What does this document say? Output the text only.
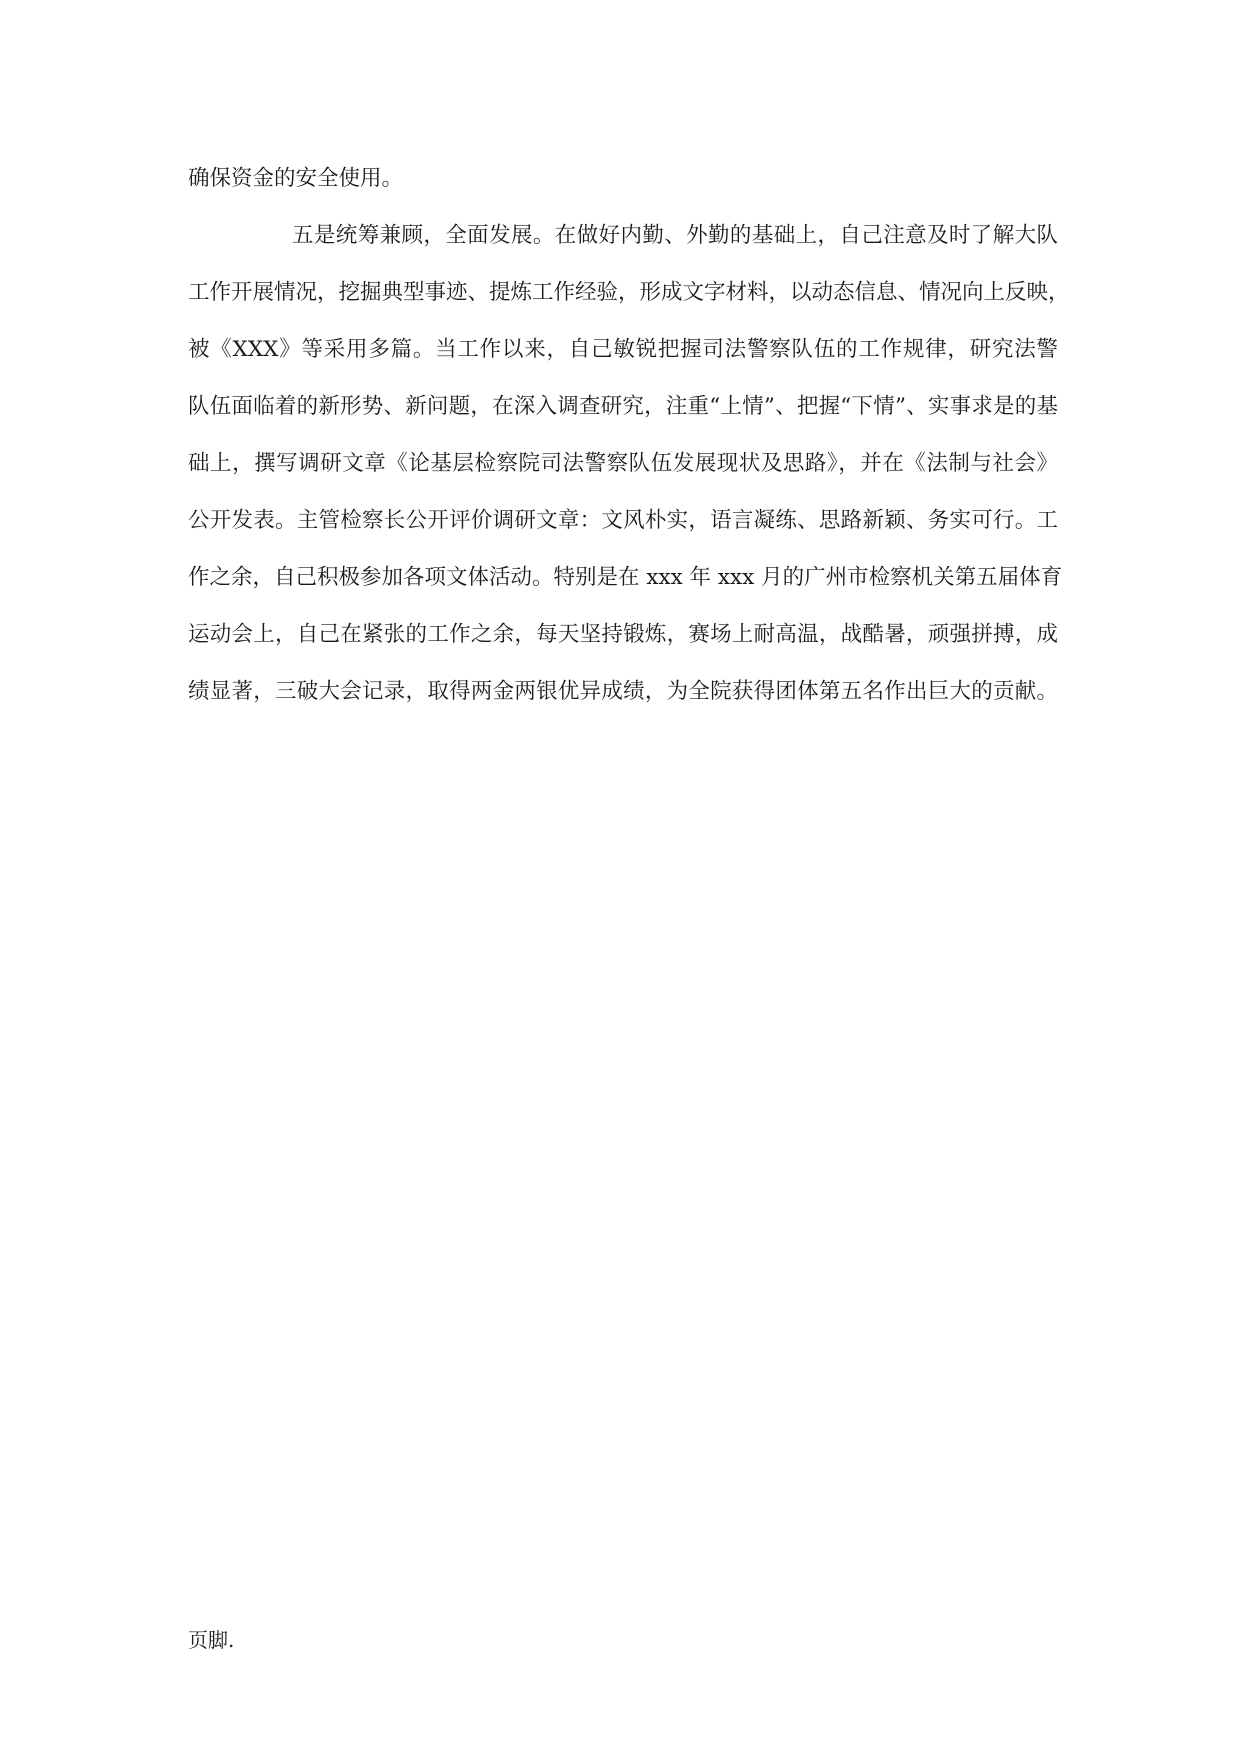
确保资金的安全使用。
五是统筹兼顾，全面发展。在做好内勤、外勤的基础上，自己注意及时了解大队
工作开展情况，挖掘典型事迹、提炼工作经验，形成文字材料，以动态信息、情况向上反映，
被《XXX》等采用多篇。当工作以来，自己敏锐把握司法警察队伍的工作规律，研究法警
队伍面临着的新形势、新问题，在深入调查研究，注重“上情”、把握“下情”、实事求是的基
础上，撰写调研文章《论基层检察院司法警察队伍发展现状及思路》，并在《法制与社会》
公开发表。主管检察长公开评价调研文章：文风朴实，语言凝练、思路新颖、务实可行。工
作之余，自己积极参加各项文体活动。特别是在 xxx 年 xxx 月的广州市检察机关第五届体育
运动会上，自己在紧张的工作之余，每天坚持锻炼，赛场上耐高温，战酷暑，顽强拼搏，成
绩显著，三破大会记录，取得两金两银优异成绩，为全院获得团体第五名作出巨大的贡献。
页脚.
